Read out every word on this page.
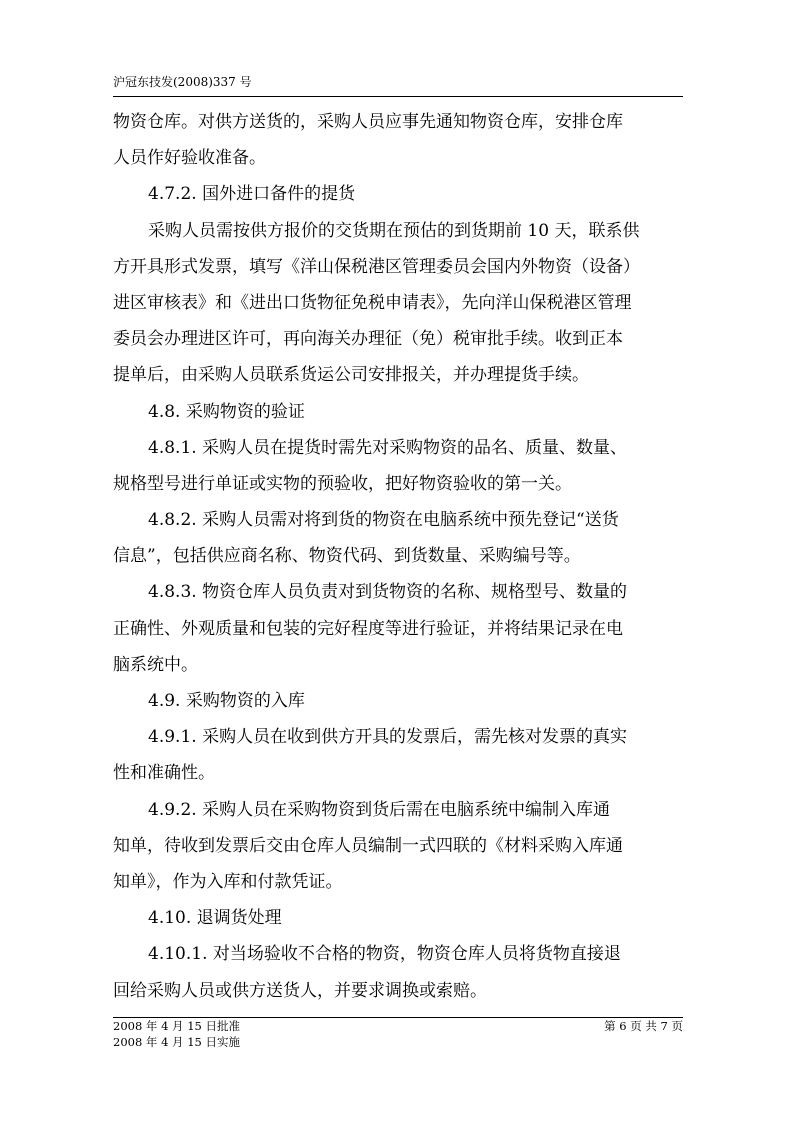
沪冠东技发(2008)337 号
物资仓库。对供方送货的，采购人员应事先通知物资仓库，安排仓库
人员作好验收准备。
4.7.2. 国外进口备件的提货
采购人员需按供方报价的交货期在预估的到货期前 10 天，联系供
方开具形式发票，填写《洋山保税港区管理委员会国内外物资（设备）
进区审核表》和《进出口货物征免税申请表》，先向洋山保税港区管理
委员会办理进区许可，再向海关办理征（免）税审批手续。收到正本
提单后，由采购人员联系货运公司安排报关，并办理提货手续。
4.8. 采购物资的验证
4.8.1. 采购人员在提货时需先对采购物资的品名、质量、数量、
规格型号进行单证或实物的预验收，把好物资验收的第一关。
4.8.2. 采购人员需对将到货的物资在电脑系统中预先登记“送货
信息”，包括供应商名称、物资代码、到货数量、采购编号等。
4.8.3. 物资仓库人员负责对到货物资的名称、规格型号、数量的
正确性、外观质量和包装的完好程度等进行验证，并将结果记录在电
脑系统中。
4.9. 采购物资的入库
4.9.1. 采购人员在收到供方开具的发票后，需先核对发票的真实
性和准确性。
4.9.2. 采购人员在采购物资到货后需在电脑系统中编制入库通
知单，待收到发票后交由仓库人员编制一式四联的《材料采购入库通
知单》，作为入库和付款凭证。
4.10. 退调货处理
4.10.1. 对当场验收不合格的物资，物资仓库人员将货物直接退
回给采购人员或供方送货人，并要求调换或索赔。
2008 年 4 月 15 日批准	第 6 页 共 7 页
2008 年 4 月 15 日实施
